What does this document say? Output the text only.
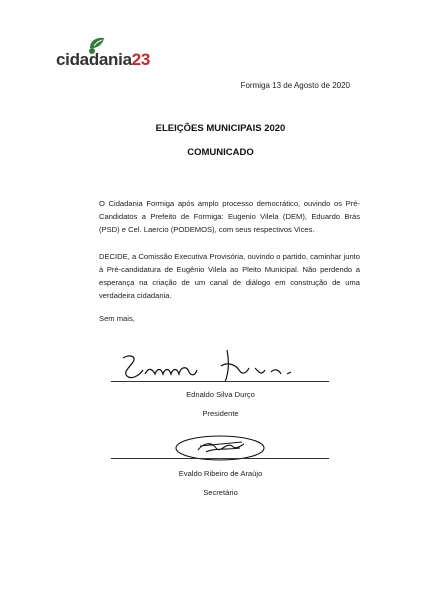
cidadania23
Formiga 13 de Agosto de 2020
ELEIÇÕES MUNICIPAIS 2020
COMUNICADO

O Cidadania Formiga após amplo processo democrático, ouvindo os Pré-Candidatos a Prefeito de Formiga: Eugenio Vilela (DEM), Eduardo Brás (PSD) e Cel. Laercio (PODEMOS), com seus respectivos Vices.

DECIDE, a Comissão Executiva Provisória, ouvindo o partido, caminhar junto à Pré-candidatura de Eugênio Vilela ao Pleito Municipal. Não perdendo a esperança na criação de um canal de diálogo em construção de uma verdadeira cidadania.

Sem mais,
Ednaldo Silva Durço
Presidente
Evaldo Ribeiro de Araújo
Secretário
